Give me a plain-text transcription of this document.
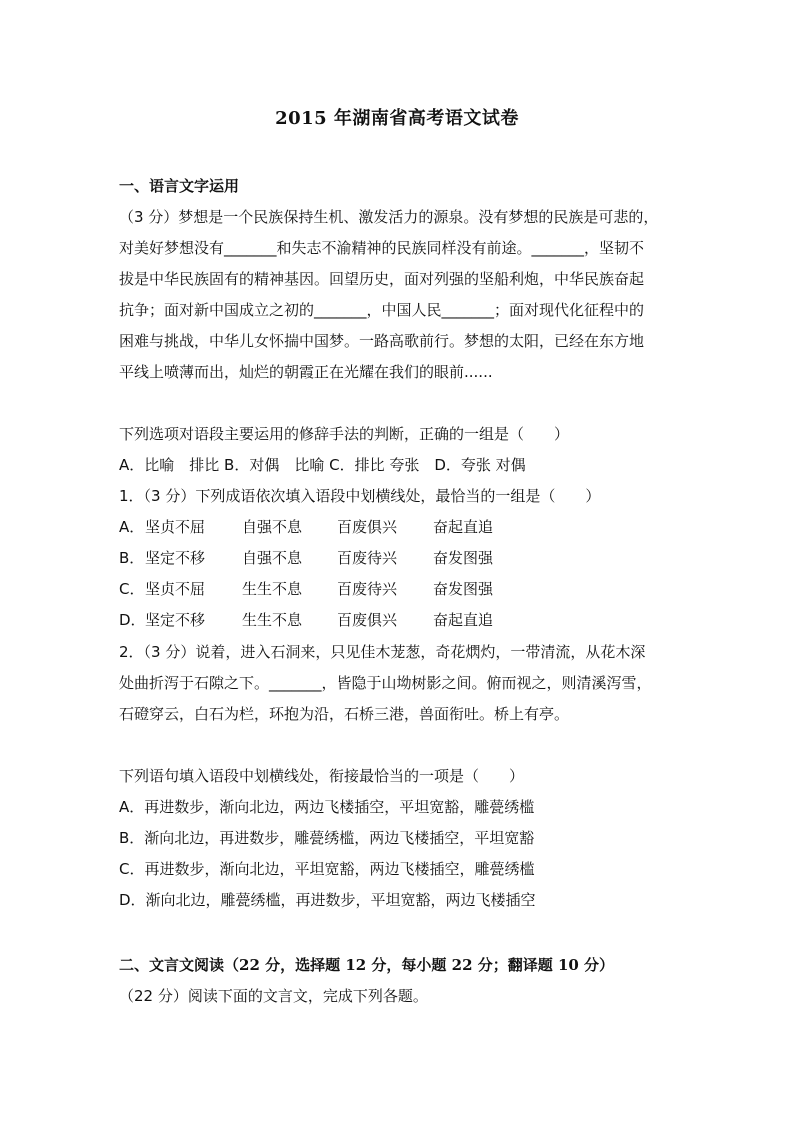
2015 年湖南省高考语文试卷
一、语言文字运用
（3 分）梦想是一个民族保持生机、激发活力的源泉。没有梦想的民族是可悲的，
对美好梦想没有_______和失志不渝精神的民族同样没有前途。_______，坚韧不
拔是中华民族固有的精神基因。回望历史，面对列强的坚船利炮，中华民族奋起
抗争；面对新中国成立之初的_______，中国人民_______；面对现代化征程中的
困难与挑战，中华儿女怀揣中国梦。一路高歌前行。梦想的太阳，已经在东方地
平线上喷薄而出，灿烂的朝霞正在光耀在我们的眼前......
下列选项对语段主要运用的修辞手法的判断，正确的一组是（　　）
A．比喻　排比 B．对偶　比喻 C．排比 夸张　D．夸张 对偶
1．（3 分）下列成语依次填入语段中划横线处，最恰当的一组是（　　）
A． 坚贞不屈 自强不息 百废俱兴 奋起直追
B． 坚定不移 自强不息 百废待兴 奋发图强
C． 坚贞不屈 生生不息 百废待兴 奋发图强
D． 坚定不移 生生不息 百废俱兴 奋起直追
2．（3 分）说着，进入石洞来，只见佳木茏葱，奇花熌灼，一带清流，从花木深
处曲折泻于石隙之下。_______，皆隐于山坳树影之间。俯而视之，则清溪泻雪，
石磴穿云，白石为栏，环抱为沿，石桥三港，兽面衔吐。桥上有亭。
下列语句填入语段中划横线处，衔接最恰当的一项是（　　）
A．再进数步，渐向北边，两边飞楼插空，平坦宽豁，雕甍绣槛
B．渐向北边，再进数步，雕甍绣槛，两边飞楼插空，平坦宽豁
C．再进数步，渐向北边，平坦宽豁，两边飞楼插空，雕甍绣槛
D．渐向北边，雕甍绣槛，再进数步，平坦宽豁，两边飞楼插空
二、文言文阅读（22 分，选择题 12 分，每小题 22 分；翻译题 10 分）
（22 分）阅读下面的文言文，完成下列各题。
